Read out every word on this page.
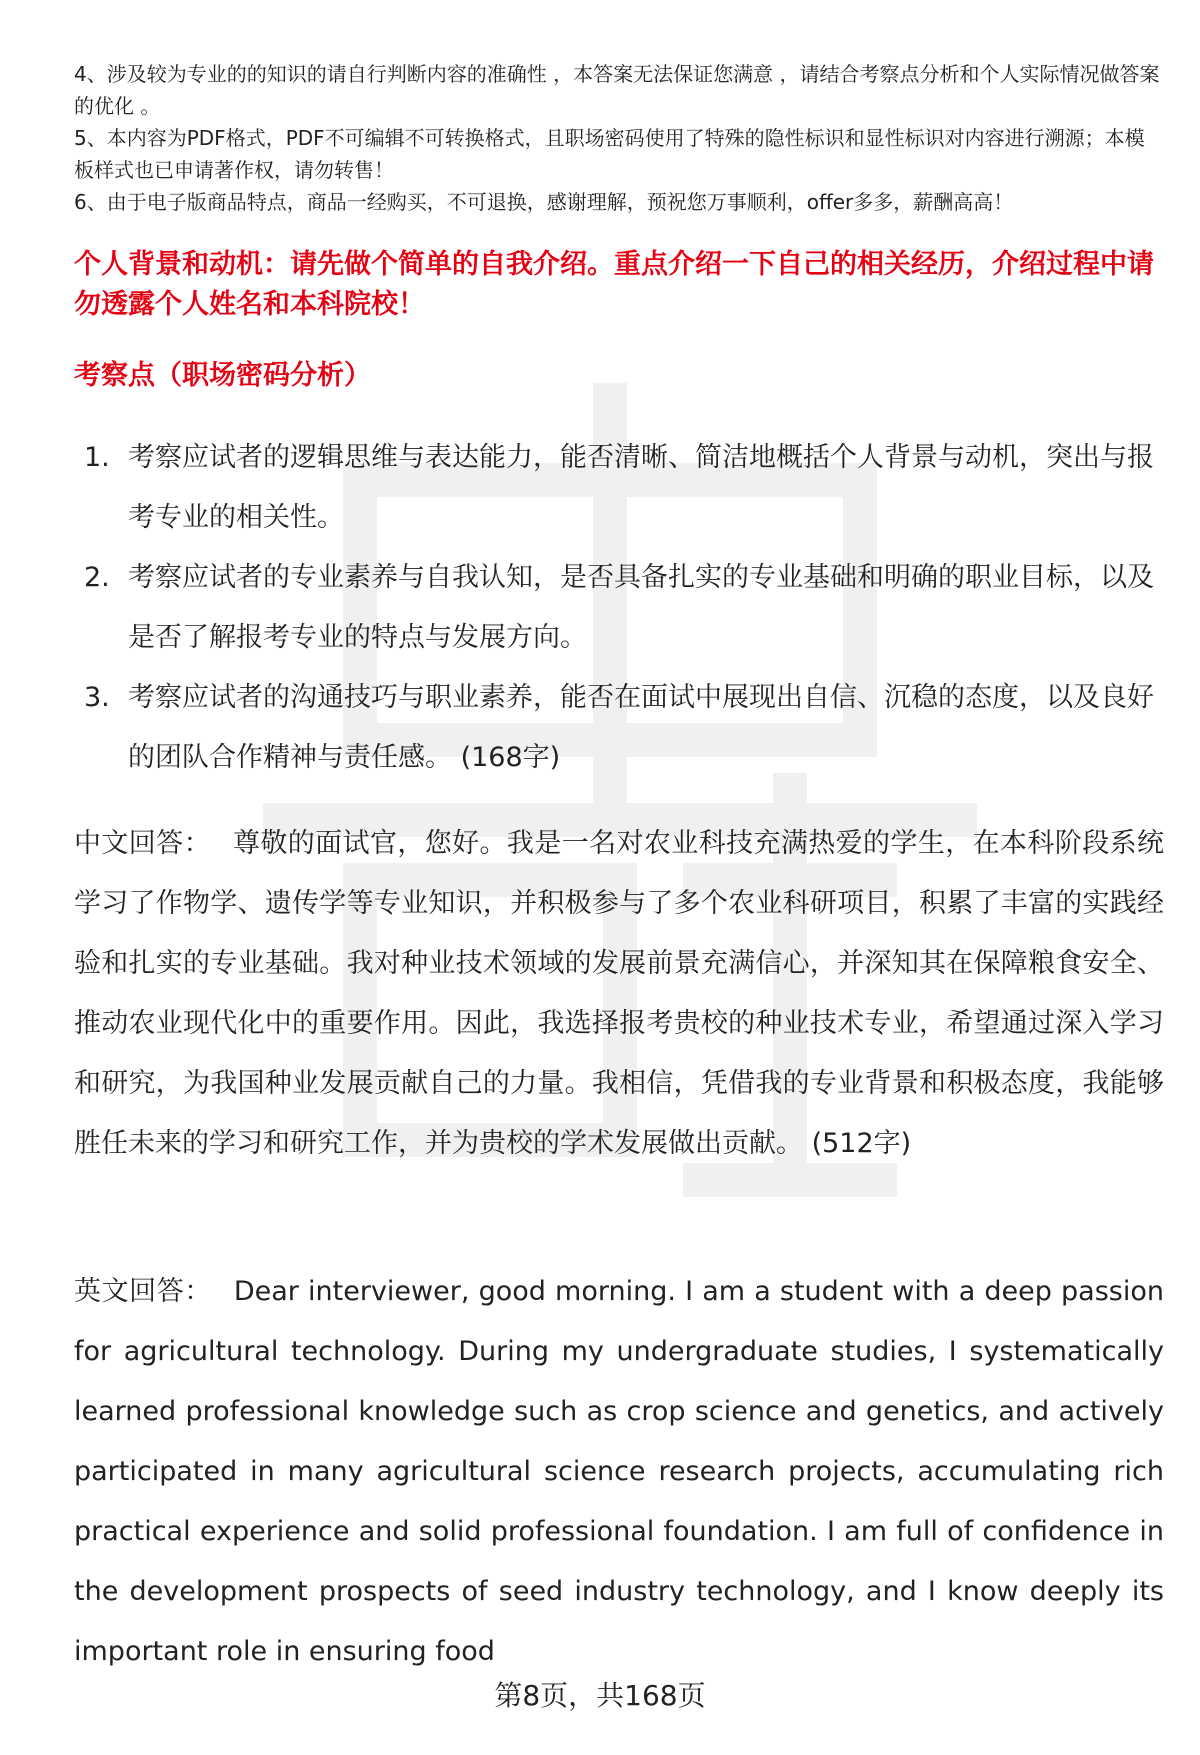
4、涉及较为专业的的知识的请自行判断内容的准确性 ，本答案无法保证您满意 ，请结合考察点分析和个人实际情况做答案的优化 。

5、本内容为PDF格式，PDF不可编辑不可转换格式，且职场密码使用了特殊的隐性标识和显性标识对内容进行溯源；本模板样式也已申请著作权，请勿转售！

6、由于电子版商品特点，商品一经购买，不可退换，感谢理解，预祝您万事顺利，offer多多，薪酬高高！

个人背景和动机：请先做个简单的自我介绍。重点介绍一下自己的相关经历，介绍过程中请勿透露个人姓名和本科院校！
考察点（职场密码分析）
1. 考察应试者的逻辑思维与表达能力，能否清晰、简洁地概括个人背景与动机，突出与报考专业的相关性。
2. 考察应试者的专业素养与自我认知，是否具备扎实的专业基础和明确的职业目标，以及是否了解报考专业的特点与发展方向。
3. 考察应试者的沟通技巧与职业素养，能否在面试中展现出自信、沉稳的态度，以及良好的团队合作精神与责任感。 (168字)

中文回答： 尊敬的面试官，您好。我是一名对农业科技充满热爱的学生，在本科阶段系统学习了作物学、遗传学等专业知识，并积极参与了多个农业科研项目，积累了丰富的实践经验和扎实的专业基础。我对种业技术领域的发展前景充满信心，并深知其在保障粮食安全、推动农业现代化中的重要作用。因此，我选择报考贵校的种业技术专业，希望通过深入学习和研究，为我国种业发展贡献自己的力量。我相信，凭借我的专业背景和积极态度，我能够胜任未来的学习和研究工作，并为贵校的学术发展做出贡献。 (512字)

英文回答： Dear interviewer, good morning. I am a student with a deep passion for agricultural technology. During my undergraduate studies, I systematically learned professional knowledge such as crop science and genetics, and actively participated in many agricultural science research projects, accumulating rich practical experience and solid professional foundation. I am full of confidence in the development prospects of seed industry technology, and I know deeply its important role in ensuring food

第8页，共168页
